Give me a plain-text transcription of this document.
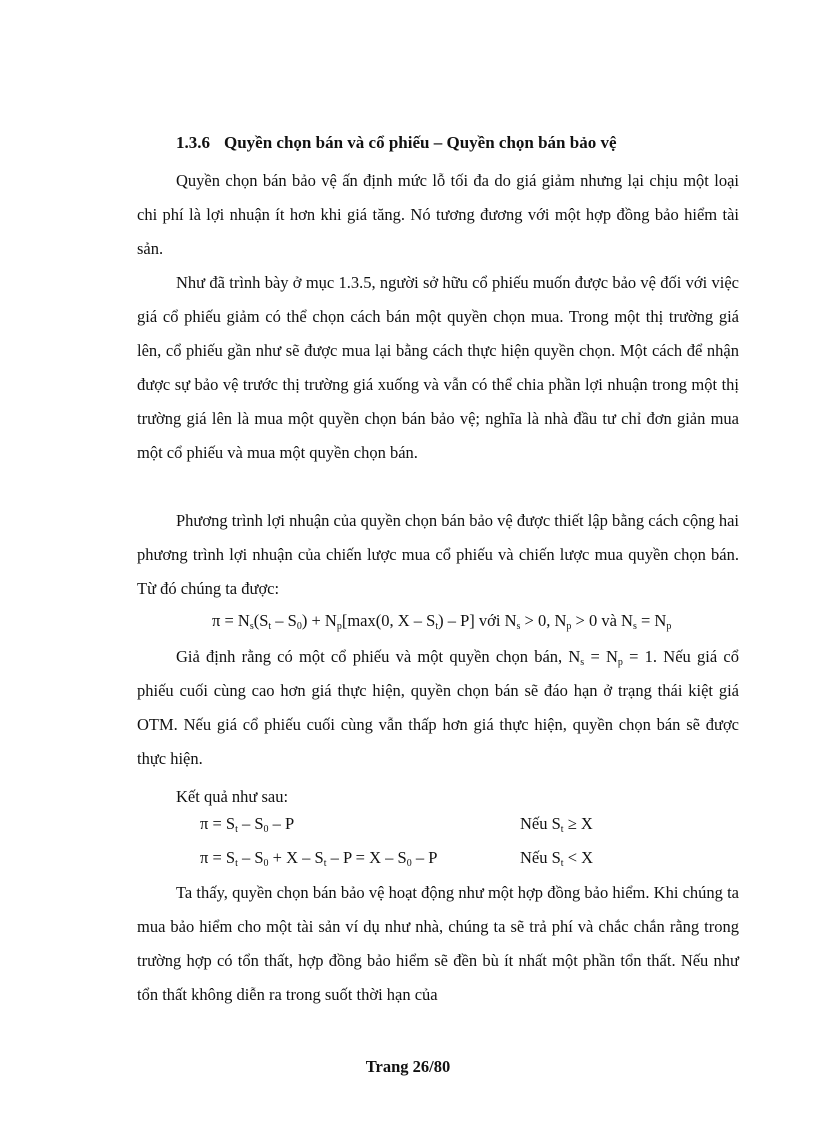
1.3.6 Quyền chọn bán và cổ phiếu – Quyền chọn bán bảo vệ

Quyền chọn bán bảo vệ ấn định mức lỗ tối đa do giá giảm nhưng lại chịu một loại chi phí là lợi nhuận ít hơn khi giá tăng. Nó tương đương với một hợp đồng bảo hiểm tài sản.

Như đã trình bày ở mục 1.3.5, người sở hữu cổ phiếu muốn được bảo vệ đối với việc giá cổ phiếu giảm có thể chọn cách bán một quyền chọn mua. Trong một thị trường giá lên, cổ phiếu gần như sẽ được mua lại bằng cách thực hiện quyền chọn. Một cách để nhận được sự bảo vệ trước thị trường giá xuống và vẫn có thể chia phần lợi nhuận trong một thị trường giá lên là mua một quyền chọn bán bảo vệ; nghĩa là nhà đầu tư chỉ đơn giản mua một cổ phiếu và mua một quyền chọn bán.

Phương trình lợi nhuận của quyền chọn bán bảo vệ được thiết lập bằng cách cộng hai phương trình lợi nhuận của chiến lược mua cổ phiếu và chiến lược mua quyền chọn bán. Từ đó chúng ta được:

$\pi = N_s(S_t - S_0) + N_p[\max(0$, X – $S_t) - P$] với $N_s > 0$, $N_p > 0$ và $N_s = N_p$

Giả định rằng có một cổ phiếu và một quyền chọn bán, $N_s = N_p = 1$. Nếu giá cổ phiếu cuối cùng cao hơn giá thực hiện, quyền chọn bán sẽ đáo hạn ở trạng thái kiệt giá OTM. Nếu giá cổ phiếu cuối cùng vẫn thấp hơn giá thực hiện, quyền chọn bán sẽ được thực hiện.

Kết quả như sau:

$\pi = S_t - S_0 - P$	Nếu $S_t \ge X$
$\pi = S_t - S_0 + X - S_t - P = X - S_0 - P$	Nếu $S_t < X$

Ta thấy, quyền chọn bán bảo vệ hoạt động như một hợp đồng bảo hiểm. Khi chúng ta mua bảo hiểm cho một tài sản ví dụ như nhà, chúng ta sẽ trả phí và chắc chắn rằng trong trường hợp có tổn thất, hợp đồng bảo hiểm sẽ đền bù ít nhất một phần tổn thất. Nếu như tổn thất không diễn ra trong suốt thời hạn của

Trang 26/80
